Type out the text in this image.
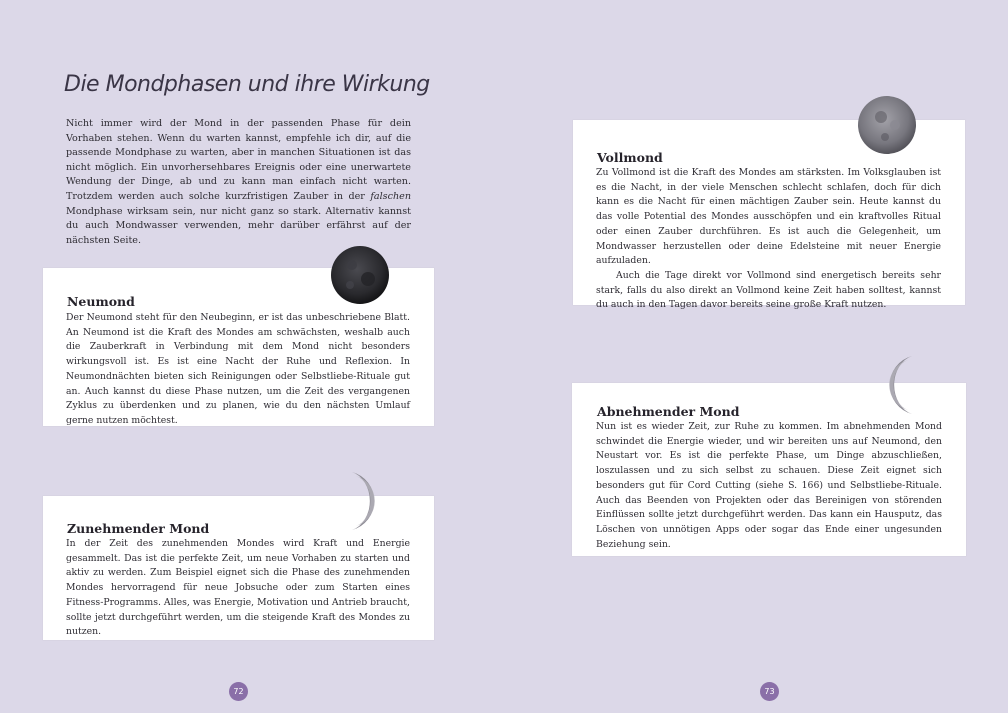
Die Mondphasen und ihre Wirkung

Nicht immer wird der Mond in der passenden Phase für dein Vorhaben stehen. Wenn du warten kannst, empfehle ich dir, auf die passende Mondphase zu warten, aber in manchen Situationen ist das nicht möglich. Ein unvorhersehbares Ereignis oder eine unerwartete Wendung der Dinge, ab und zu kann man einfach nicht warten. Trotzdem werden auch solche kurzfristigen Zauber in der falschen Mondphase wirksam sein, nur nicht ganz so stark. Alternativ kannst du auch Mondwasser verwenden, mehr darüber erfährst auf der nächsten Seite.

Neumond

Der Neumond steht für den Neubeginn, er ist das unbeschriebene Blatt. An Neumond ist die Kraft des Mondes am schwächsten, weshalb auch die Zauberkraft in Verbindung mit dem Mond nicht besonders wirkungsvoll ist. Es ist eine Nacht der Ruhe und Reflexion. In Neumondnächten bieten sich Reinigungen oder Selbstliebe-Rituale gut an. Auch kannst du diese Phase nutzen, um die Zeit des vergangenen Zyklus zu überdenken und zu planen, wie du den nächsten Umlauf gerne nutzen möchtest.

Zunehmender Mond

In der Zeit des zunehmenden Mondes wird Kraft und Energie gesammelt. Das ist die perfekte Zeit, um neue Vorhaben zu starten und aktiv zu werden. Zum Beispiel eignet sich die Phase des zunehmenden Mondes hervorragend für neue Jobsuche oder zum Starten eines Fitness-Programms. Alles, was Energie, Motivation und Antrieb braucht, sollte jetzt durchgeführt werden, um die steigende Kraft des Mondes zu nutzen.

Vollmond
Zu Vollmond ist die Kraft des Mondes am stärksten. Im Volksglauben ist es die Nacht, in der viele Menschen schlecht schlafen, doch für dich kann es die Nacht für einen mächtigen Zauber sein. Heute kannst du das volle Potential des Mondes ausschöpfen und ein kraftvolles Ritual oder einen Zauber durchführen. Es ist auch die Gelegenheit, um Mondwasser herzustellen oder deine Edelsteine mit neuer Energie aufzuladen.
Auch die Tage direkt vor Vollmond sind energetisch bereits sehr stark, falls du also direkt an Vollmond keine Zeit haben solltest, kannst du auch in den Tagen davor bereits seine große Kraft nutzen.
Abnehmender Mond

Nun ist es wieder Zeit, zur Ruhe zu kommen. Im abnehmenden Mond schwindet die Energie wieder, und wir bereiten uns auf Neumond, den Neustart vor. Es ist die perfekte Phase, um Dinge abzuschließen, loszulassen und zu sich selbst zu schauen. Diese Zeit eignet sich besonders gut für Cord Cutting (siehe S. 166) und Selbstliebe-Rituale. Auch das Beenden von Projekten oder das Bereinigen von störenden Einflüssen sollte jetzt durchgeführt werden. Das kann ein Hausputz, das Löschen von unnötigen Apps oder sogar das Ende einer ungesunden Beziehung sein.

72	73
